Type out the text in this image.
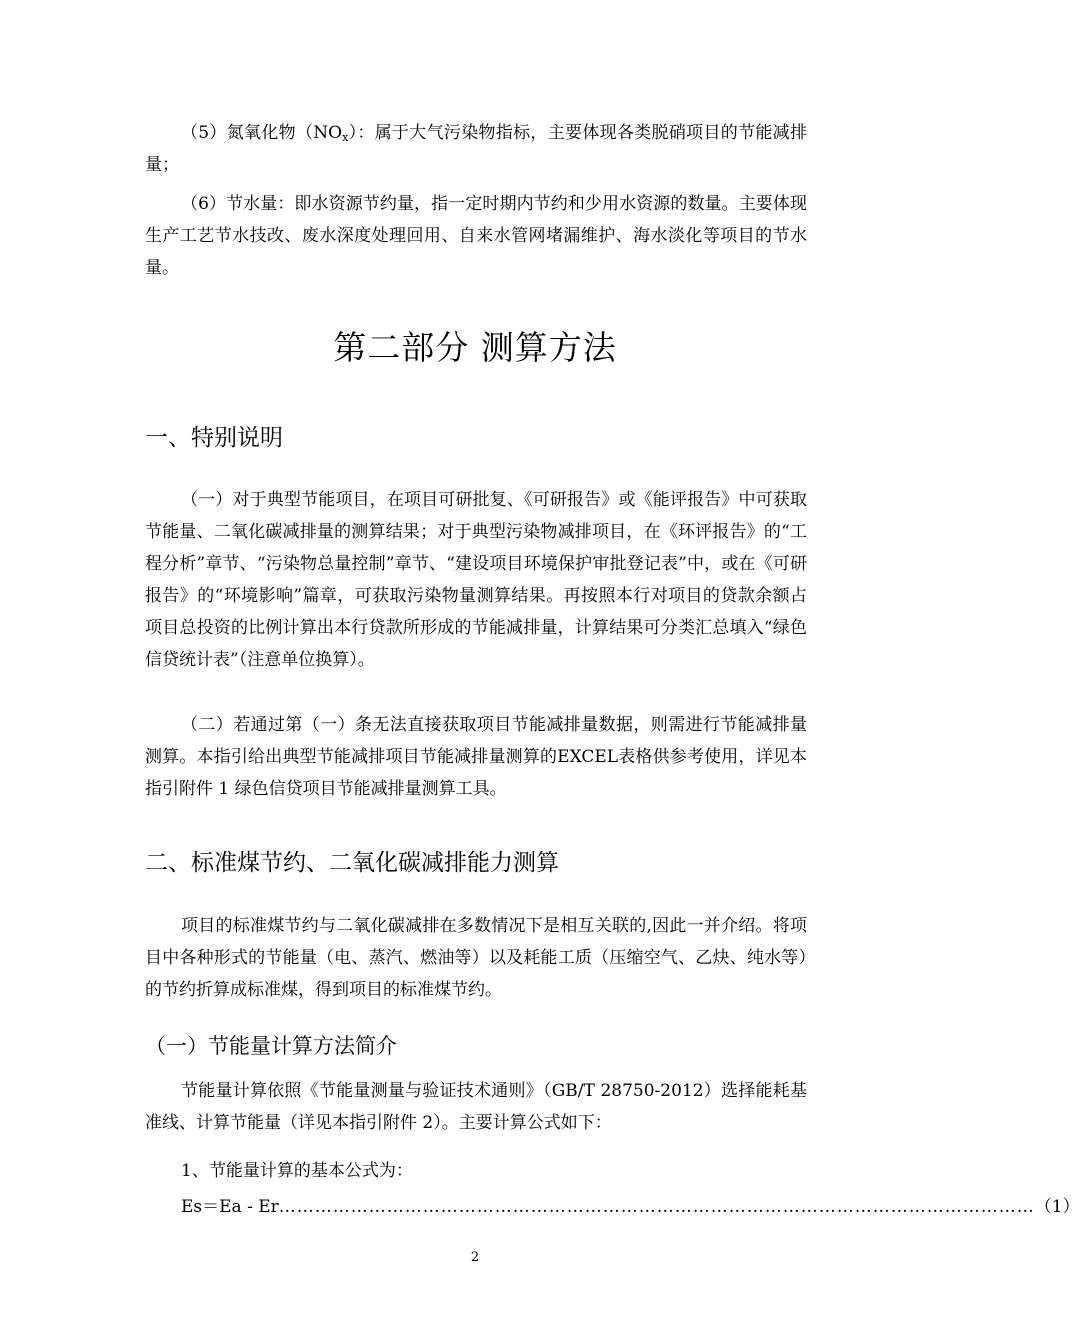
（5）氮氧化物$(NO_x)$：属于大气污染物指标，主要体现各类脱硝项目的节能减排量；

（6）节水量：即水资源节约量，指一定时期内节约和少用水资源的数量。主要体现生产工艺节水技改、废水深度处理回用、自来水管网堵漏维护、海水淡化等项目的节水量。

第二部分 测算方法
一、特别说明

（一）对于典型节能项目，在项目可研批复、《可研报告》或《能评报告》中可获取节能量、二氧化碳减排量的测算结果；对于典型污染物减排项目，在《环评报告》的“工程分析”章节、“污染物总量控制”章节、“建设项目环境保护审批登记表”中，或在《可研报告》的“环境影响”篇章，可获取污染物量测算结果。再按照本行对项目的贷款余额占项目总投资的比例计算出本行贷款所形成的节能减排量，计算结果可分类汇总填入“绿色信贷统计表”（注意单位换算）。

（二）若通过第（一）条无法直接获取项目节能减排量数据，则需进行节能减排量测算。本指引给出典型节能减排项目节能减排量测算的EXCEL表格供参考使用，详见本指引附件 1 绿色信贷项目节能减排量测算工具。

二、标准煤节约、二氧化碳减排能力测算

项目的标准煤节约与二氧化碳减排在多数情况下是相互关联的,因此一并介绍。将项目中各种形式的节能量（电、蒸汽、燃油等）以及耗能工质（压缩空气、乙炔、纯水等）的节约折算成标准煤，得到项目的标准煤节约。

（一）节能量计算方法简介

节能量计算依照《节能量测量与验证技术通则》（GB/T 28750-2012）选择能耗基准线、计算节能量（详见本指引附件 2）。主要计算公式如下：

1、节能量计算的基本公式为：

Es＝Ea - Er ……………………………………………………………………………………………………………… （1）
2
